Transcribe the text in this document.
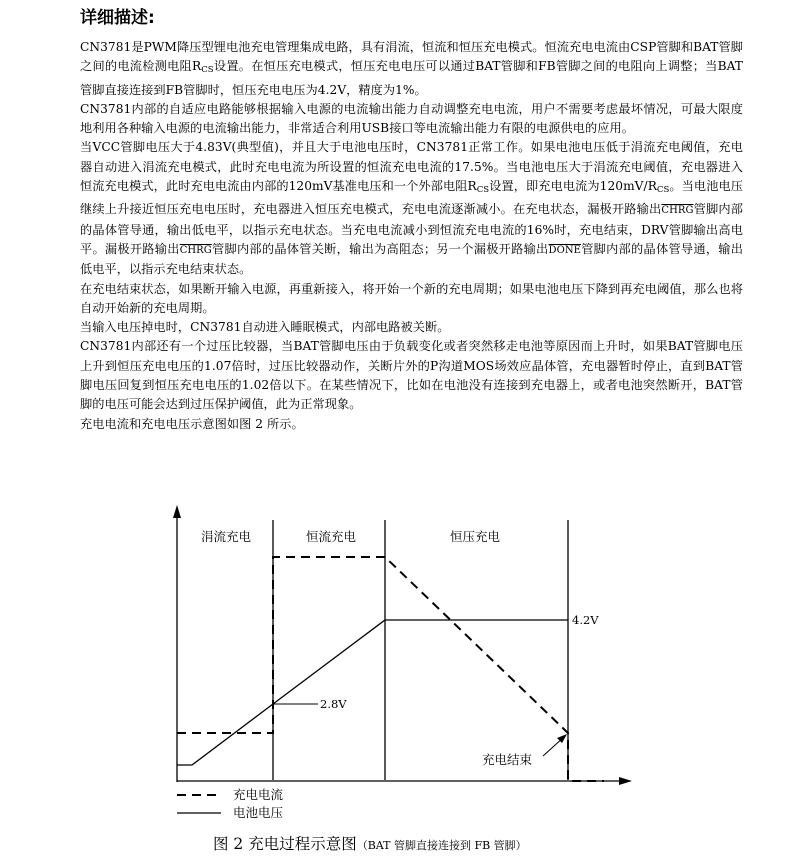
详细描述:

CN3781是PWM降压型锂电池充电管理集成电路，具有涓流，恒流和恒压充电模式。恒流充电电流由CSP管脚和BAT管脚之间的电流检测电阻$R_{CS}$设置。在恒压充电模式，恒压充电电压可以通过BAT管脚和FB管脚之间的电阻向上调整；当BAT管脚直接连接到FB管脚时，恒压充电电压为4.2V，精度为1%。

CN3781内部的自适应电路能够根据输入电源的电流输出能力自动调整充电电流，用户不需要考虑最坏情况，可最大限度地利用各种输入电源的电流输出能力，非常适合利用USB接口等电流输出能力有限的电源供电的应用。

当VCC管脚电压大于4.83V(典型值)，并且大于电池电压时，CN3781正常工作。如果电池电压低于涓流充电阈值，充电器自动进入涓流充电模式，此时充电电流为所设置的恒流充电电流的17.5%。当电池电压大于涓流充电阈值，充电器进入恒流充电模式，此时充电电流由内部的120mV基准电压和一个外部电阻$R_{CS}$设置，即充电电流为$120mV/R_{CS}$。当电池电压继续上升接近恒压充电电压时，充电器进入恒压充电模式，充电电流逐渐减小。在充电状态，漏极开路输出CHRG管脚内部的晶体管导通，输出低电平，以指示充电状态。当充电电流减小到恒流充电电流的16%时，充电结束，DRV管脚输出高电平。漏极开路输出CHRG管脚内部的晶体管关断，输出为高阻态；另一个漏极开路输出DONE管脚内部的晶体管导通，输出低电平，以指示充电结束状态。

在充电结束状态，如果断开输入电源，再重新接入，将开始一个新的充电周期；如果电池电压下降到再充电阈值，那么也将自动开始新的充电周期。

当输入电压掉电时，CN3781自动进入睡眠模式，内部电路被关断。

CN3781内部还有一个过压比较器，当BAT管脚电压由于负载变化或者突然移走电池等原因而上升时，如果BAT管脚电压上升到恒压充电电压的1.07倍时，过压比较器动作，关断片外的P沟道MOS场效应晶体管，充电器暂时停止，直到BAT管脚电压回复到恒压充电电压的1.02倍以下。在某些情况下，比如在电池没有连接到充电器上，或者电池突然断开，BAT管脚的电压可能会达到过压保护阈值，此为正常现象。

充电电流和充电电压示意图如图 2 所示。

涓流充电	恒流充电	恒压充电
2.8V
4.2V
充电结束
充电电流
电池电压
图 2 充电过程示意图（BAT 管脚直接连接到 FB 管脚）
